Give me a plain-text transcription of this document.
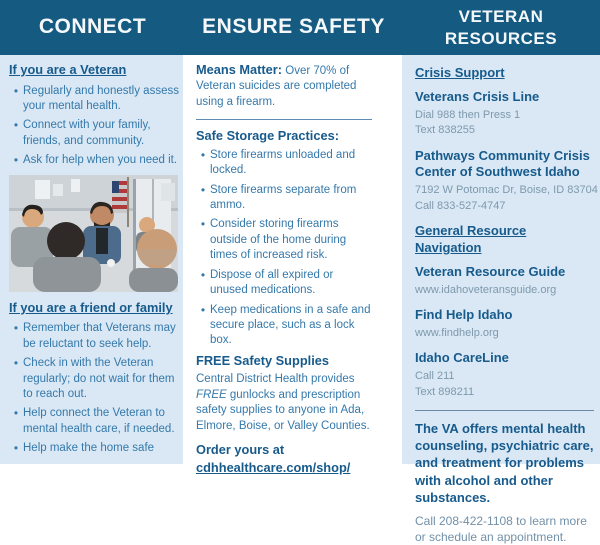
CONNECT	ENSURE SAFETY	VETERAN RESOURCES
If you are a Veteran
• Regularly and honestly assess your mental health.
• Connect with your family, friends, and community.
• Ask for help when you need it.
If you are a friend or family
• Remember that Veterans may be reluctant to seek help.
• Check in with the Veteran regularly; do not wait for them to reach out.
• Help connect the Veteran to mental health care, if needed.
• Help make the home safe

Means Matter: Over 70% of Veteran suicides are completed using a firearm.

Safe Storage Practices:
• Store firearms unloaded and locked.
• Store firearms separate from ammo.
• Consider storing firearms outside of the home during times of increased risk.
• Dispose of all expired or unused medications.
• Keep medications in a safe and secure place, such as a lock box.
FREE Safety Supplies

Central District Health provides FREE gunlocks and prescription safety supplies to anyone in Ada, Elmore, Boise, or Valley Counties.

Order yours at
cdhhealthcare.com/shop/
Crisis Support
Veterans Crisis Line
Dial 988 then Press 1
Text 838255
Pathways Community Crisis Center of Southwest Idaho
7192 W Potomac Dr, Boise, ID 83704
Call 833-527-4747
General Resource Navigation
Veteran Resource Guide
www.idahoveteransguide.org
Find Help Idaho
www.findhelp.org
Idaho CareLine
Call 211
Text 898211
The VA offers mental health counseling, psychiatric care, and treatment for problems with alcohol and other substances.
Call 208-422-1108 to learn more or schedule an appointment.
